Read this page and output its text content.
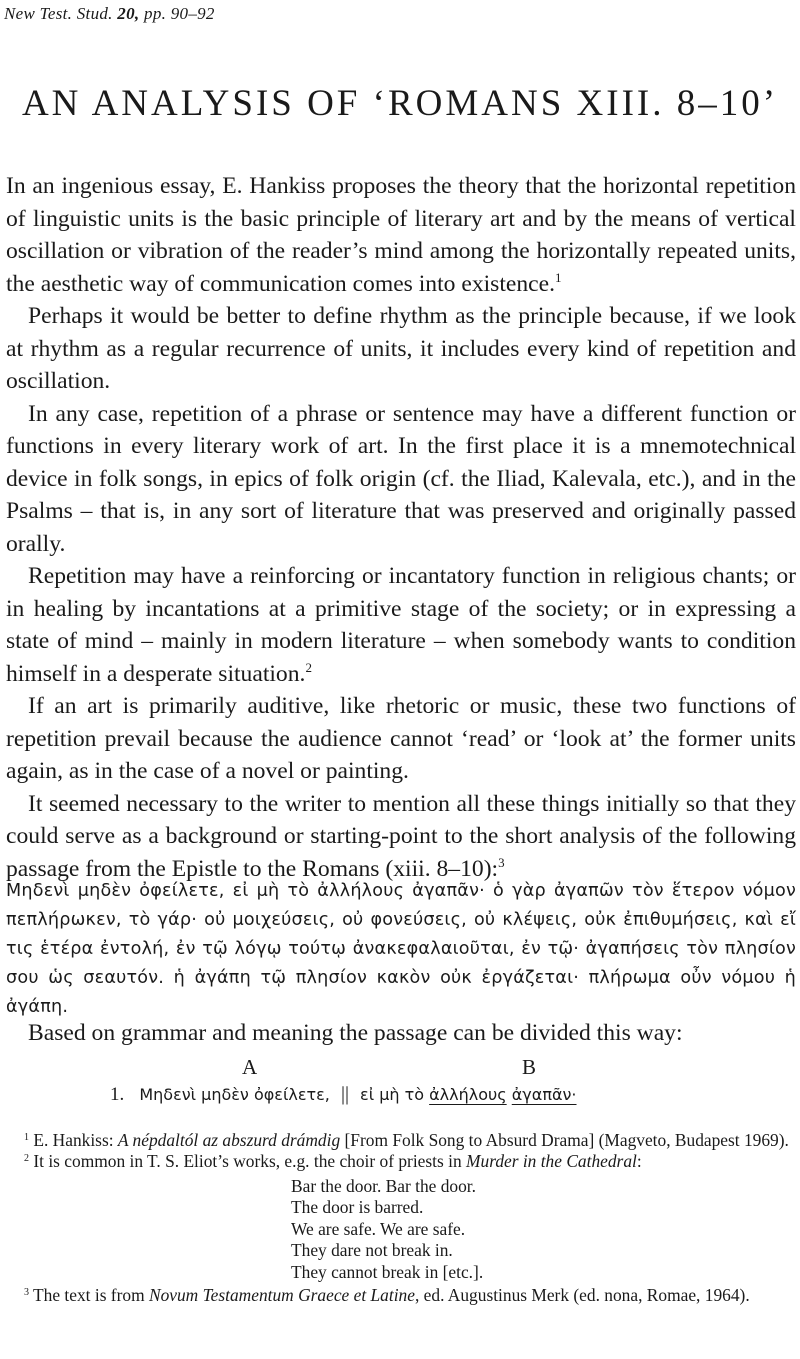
New Test. Stud. 20, pp. 90–92
AN ANALYSIS OF ‘ROMANS XIII. 8–10’

In an ingenious essay, E. Hankiss proposes the theory that the horizontal repetition of linguistic units is the basic principle of literary art and by the means of vertical oscillation or vibration of the reader’s mind among the horizontally repeated units, the aesthetic way of communication comes into existence.$^1$

Perhaps it would be better to define rhythm as the principle because, if we look at rhythm as a regular recurrence of units, it includes every kind of repetition and oscillation.

In any case, repetition of a phrase or sentence may have a different function or functions in every literary work of art. In the first place it is a mnemotechnical device in folk songs, in epics of folk origin (cf. the Iliad, Kalevala, etc.), and in the Psalms – that is, in any sort of literature that was preserved and originally passed orally.

Repetition may have a reinforcing or incantatory function in religious chants; or in healing by incantations at a primitive stage of the society; or in expressing a state of mind – mainly in modern literature – when somebody wants to condition himself in a desperate situation.$^2$

If an art is primarily auditive, like rhetoric or music, these two functions of repetition prevail because the audience cannot ‘read’ or ‘look at’ the former units again, as in the case of a novel or painting.

It seemed necessary to the writer to mention all these things initially so that they could serve as a background or starting-point to the short analysis of the following passage from the Epistle to the Romans (xiii. 8–10):$^3$

Μηδενὶ μηδὲν ὀφείλετε, εἰ μὴ τὸ ἀλλήλους ἀγαπᾶν· ὁ γὰρ ἀγαπῶν τὸν ἕτερον νόμον πεπλήρωκεν, τὸ γάρ· οὐ μοιχεύσεις, οὐ φονεύσεις, οὐ κλέψεις, οὐκ ἐπιθυμήσεις, καὶ εἴ τις ἑτέρα ἐντολή, ἐν τῷ λόγῳ τούτῳ ἀνακεφαλαιοῦται, ἐν τῷ· ἀγαπήσεις τὸν πλησίον σου ὡς σεαυτόν. ἡ ἀγάπη τῷ πλησίον κακὸν οὐκ ἐργάζεται· πλήρωμα οὖν νόμου ἡ ἀγάπη.
Based on grammar and meaning the passage can be divided this way:
A	B
1. Μηδενὶ μηδὲν ὀφείλετε, || εἰ μὴ τὸ ἀλλήλους ἀγαπᾶν·

$^1$ E. Hankiss: A népdaltól az abszurd drámdig [From Folk Song to Absurd Drama] (Magveto, Budapest 1969).

$^2$ It is common in T. S. Eliot’s works, e.g. the choir of priests in Murder in the Cathedral:

Bar the door. Bar the door.
The door is barred.
We are safe. We are safe.
They dare not break in.
They cannot break in [etc.].

$^3$ The text is from Novum Testamentum Graece et Latine, ed. Augustinus Merk (ed. nona, Romae, 1964).
